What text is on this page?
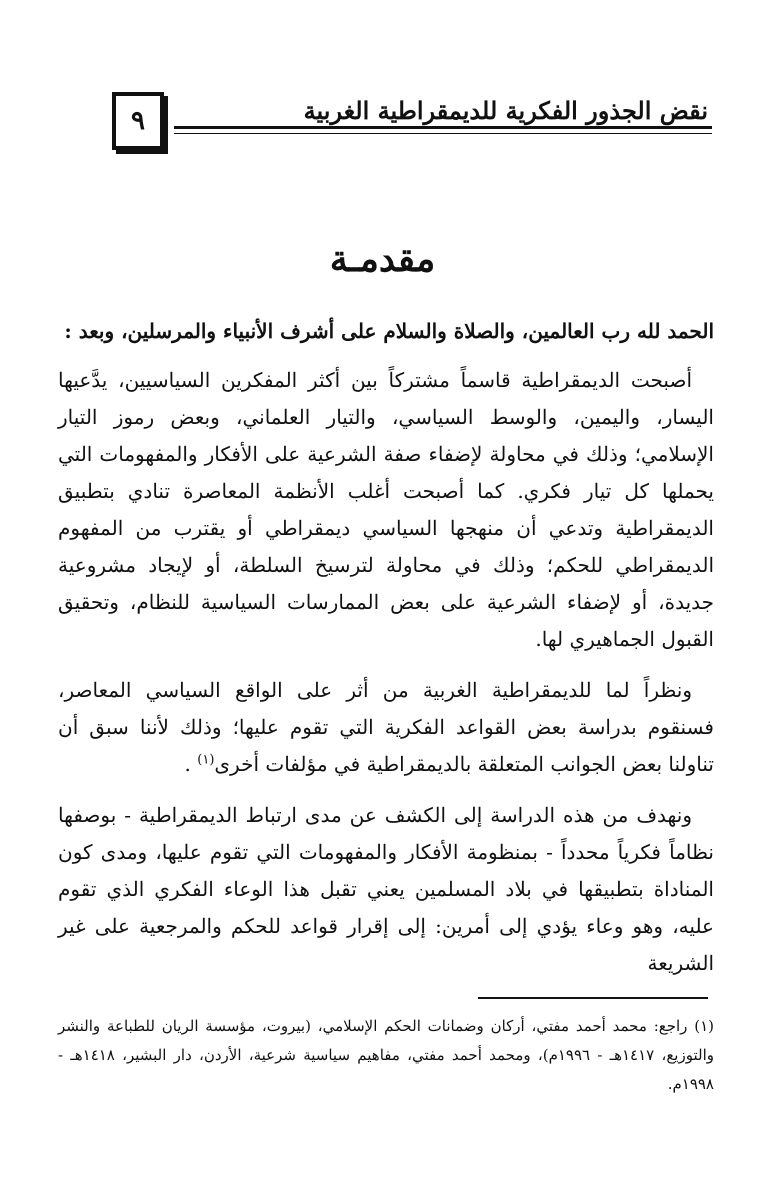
٩	نقض الجذور الفكرية للديمقراطية الغربية
مقدمـة

الحمد لله رب العالمين، والصلاة والسلام على أشرف الأنبياء والمرسلين، وبعد :

أصبحت الديمقراطية قاسماً مشتركاً بين أكثر المفكرين السياسيين، يدَّعيها اليسار، واليمين، والوسط السياسي، والتيار العلماني، وبعض رموز التيار الإسلامي؛ وذلك في محاولة لإضفاء صفة الشرعية على الأفكار والمفهومات التي يحملها كل تيار فكري. كما أصبحت أغلب الأنظمة المعاصرة تنادي بتطبيق الديمقراطية وتدعي أن منهجها السياسي ديمقراطي أو يقترب من المفهوم الديمقراطي للحكم؛ وذلك في محاولة لترسيخ السلطة، أو لإيجاد مشروعية جديدة، أو لإضفاء الشرعية على بعض الممارسات السياسية للنظام، وتحقيق القبول الجماهيري لها.

ونظراً لما للديمقراطية الغربية من أثر على الواقع السياسي المعاصر، فسنقوم بدراسة بعض القواعد الفكرية التي تقوم عليها؛ وذلك لأننا سبق أن تناولنا بعض الجوانب المتعلقة بالديمقراطية في مؤلفات أخرى$^{(١)}$ .

ونهدف من هذه الدراسة إلى الكشف عن مدى ارتباط الديمقراطية - بوصفها نظاماً فكرياً محدداً - بمنظومة الأفكار والمفهومات التي تقوم عليها، ومدى كون المناداة بتطبيقها في بلاد المسلمين يعني تقبل هذا الوعاء الفكري الذي تقوم عليه، وهو وعاء يؤدي إلى أمرين: إلى إقرار قواعد للحكم والمرجعية على غير الشريعة

(١) راجع: محمد أحمد مفتي، أركان وضمانات الحكم الإسلامي، (بيروت، مؤسسة الريان للطباعة والنشر والتوزيع، ١٤١٧هـ - ١٩٩٦م)، ومحمد أحمد مفتي، مفاهيم سياسية شرعية، الأردن، دار البشير، ١٤١٨هـ - ١٩٩٨م.
